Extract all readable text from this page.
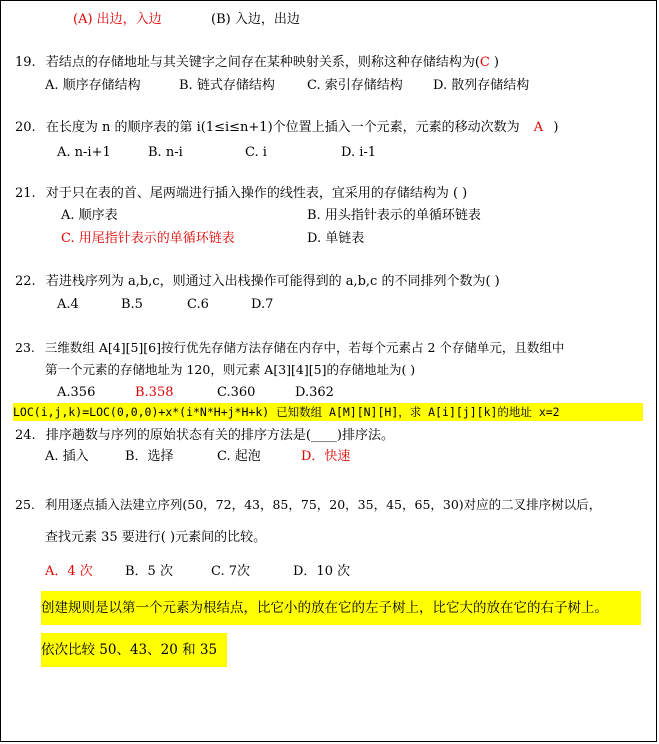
(A) 出边，入边	(B) 入边，出边
19. 若结点的存储地址与其关键字之间存在某种映射关系，则称这种存储结构为(C )
A. 顺序存储结构	B. 链式存储结构 C. 索引存储结构 D. 散列存储结构
20. 在长度为 n 的顺序表的第 i(1≤i≤n+1)个位置上插入一个元素，元素的移动次数为 A )
A. n-i+1	B. n-i	C. i	D. i-1
21. 对于只在表的首、尾两端进行插入操作的线性表，宜采用的存储结构为 ( )
A. 顺序表	B. 用头指针表示的单循环链表
C. 用尾指针表示的单循环链表	D. 单链表
22. 若进栈序列为 a,b,c，则通过入出栈操作可能得到的 a,b,c 的不同排列个数为( )
A.4	B.5	C.6	D.7
23. 三维数组 A[4][5][6]按行优先存储方法存储在内存中，若每个元素占 2 个存储单元，且数组中
第一个元素的存储地址为 120，则元素 A[3][4][5]的存储地址为( )
A.356	B.358	C.360	D.362
LOC(i,j,k)=LOC(0,0,0)+x*(i*N*H+j*H+k) 已知数组 A[M][N][H]，求 A[i][j][k]的地址 x=2
24. 排序趟数与序列的原始状态有关的排序方法是(____)排序法。
A. 插入	B．选择	C. 起泡	D．快速
25. 利用逐点插入法建立序列(50，72，43，85，75，20，35，45，65，30)对应的二叉排序树以后，
查找元素 35 要进行( )元素间的比较。
A．4 次 B．5 次	C. 7次	D．10 次
创建规则是以第一个元素为根结点，比它小的放在它的左子树上，比它大的放在它的右子树上。
依次比较 50、43、20 和 35
